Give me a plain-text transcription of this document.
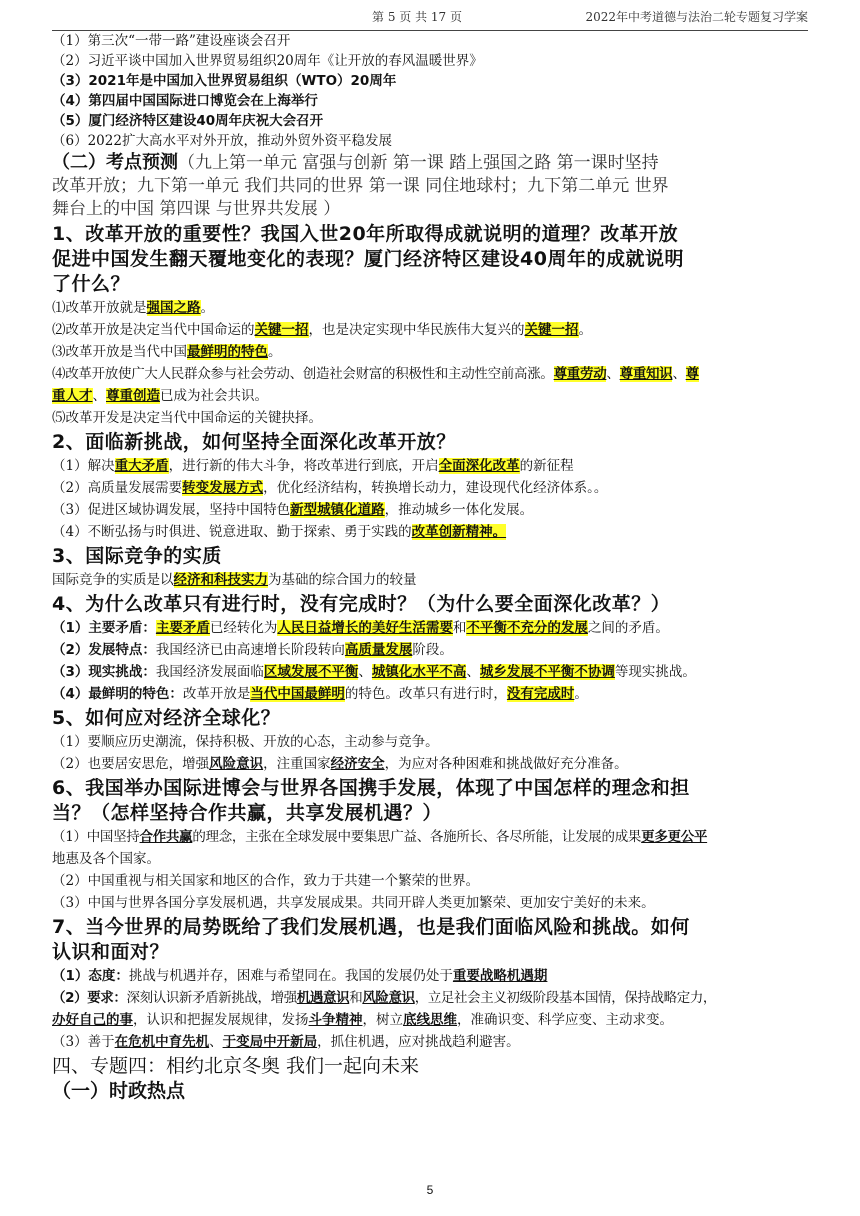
第 5 页 共 17 页	2022年中考道德与法治二轮专题复习学案

（1）第三次“一带一路”建设座谈会召开

（2）习近平谈中国加入世界贸易组织20周年《让开放的春风温暖世界》

（3）2021年是中国加入世界贸易组织（WTO）20周年

（4）第四届中国国际进口博览会在上海举行

（5）厦门经济特区建设40周年庆祝大会召开

（6）2022扩大高水平对外开放，推动外贸外资平稳发展

（二）考点预测（九上第一单元 富强与创新 第一课 踏上强国之路 第一课时坚持

改革开放；九下第一单元 我们共同的世界 第一课 同住地球村；九下第二单元 世界

舞台上的中国 第四课 与世界共发展 ）

1、改革开放的重要性？我国入世20年所取得成就说明的道理？改革开放

促进中国发生翻天覆地变化的表现？厦门经济特区建设40周年的成就说明

了什么？

⑴改革开放就是强国之路。

⑵改革开放是决定当代中国命运的关键一招，也是决定实现中华民族伟大复兴的关键一招。

⑶改革开放是当代中国最鲜明的特色。

⑷改革开放使广大人民群众参与社会劳动、创造社会财富的积极性和主动性空前高涨。尊重劳动、尊重知识、尊

重人才、尊重创造已成为社会共识。

⑸改革开发是决定当代中国命运的关键抉择。

2、面临新挑战，如何坚持全面深化改革开放？

（1）解决重大矛盾，进行新的伟大斗争，将改革进行到底，开启全面深化改革的新征程

（2）高质量发展需要转变发展方式，优化经济结构，转换增长动力，建设现代化经济体系。。

（3）促进区域协调发展，坚持中国特色新型城镇化道路，推动城乡一体化发展。

（4）不断弘扬与时俱进、锐意进取、勤于探索、勇于实践的改革创新精神。

3、国际竞争的实质

国际竞争的实质是以经济和科技实力为基础的综合国力的较量

4、为什么改革只有进行时，没有完成时？（为什么要全面深化改革？）

（1）主要矛盾：主要矛盾已经转化为人民日益增长的美好生活需要和不平衡不充分的发展之间的矛盾。

（2）发展特点：我国经济已由高速增长阶段转向高质量发展阶段。

（3）现实挑战：我国经济发展面临区域发展不平衡、城镇化水平不高、城乡发展不平衡不协调等现实挑战。

（4）最鲜明的特色：改革开放是当代中国最鲜明的特色。改革只有进行时，没有完成时。

5、如何应对经济全球化？

（1）要顺应历史潮流，保持积极、开放的心态，主动参与竞争。

（2）也要居安思危，增强风险意识，注重国家经济安全，为应对各种困难和挑战做好充分准备。

6、我国举办国际进博会与世界各国携手发展，体现了中国怎样的理念和担

当？（怎样坚持合作共赢，共享发展机遇？）

（1）中国坚持合作共赢的理念，主张在全球发展中要集思广益、各施所长、各尽所能，让发展的成果更多更公平

地惠及各个国家。

（2）中国重视与相关国家和地区的合作，致力于共建一个繁荣的世界。

（3）中国与世界各国分享发展机遇，共享发展成果。共同开辟人类更加繁荣、更加安宁美好的未来。

7、当今世界的局势既给了我们发展机遇，也是我们面临风险和挑战。如何

认识和面对？

（1）态度：挑战与机遇并存，困难与希望同在。我国的发展仍处于重要战略机遇期

（2）要求：深刻认识新矛盾新挑战，增强机遇意识和风险意识，立足社会主义初级阶段基本国情，保持战略定力，

办好自己的事，认识和把握发展规律，发扬斗争精神，树立底线思维，准确识变、科学应变、主动求变。

（3）善于在危机中育先机、于变局中开新局，抓住机遇，应对挑战趋利避害。

四、专题四：相约北京冬奥 我们一起向未来

（一）时政热点

5
